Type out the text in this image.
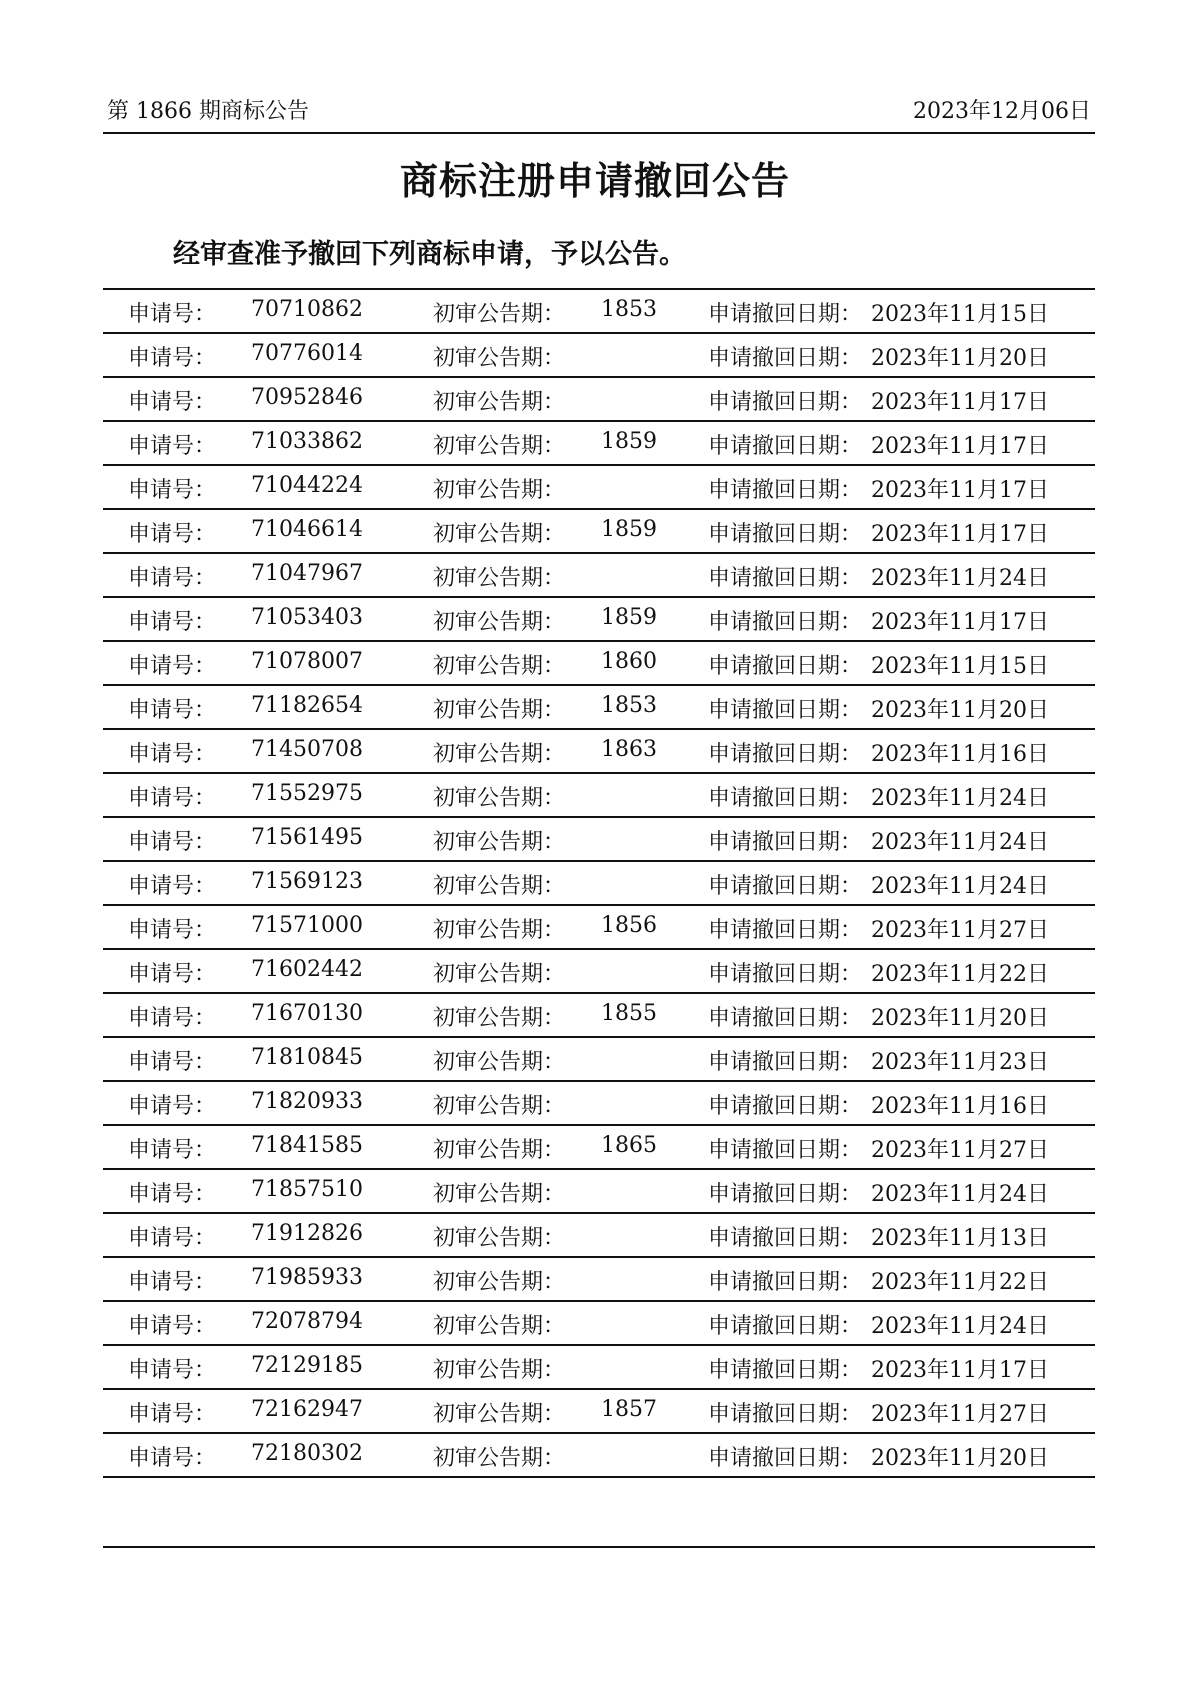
第 1866 期商标公告	2023年12月06日
商标注册申请撤回公告
经审查准予撤回下列商标申请，予以公告。
申请号： 70710862	初审公告期： 1853 申请撤回日期： 2023年11月15日
申请号： 70776014	初审公告期：	申请撤回日期： 2023年11月20日
申请号： 70952846	初审公告期：	申请撤回日期： 2023年11月17日
申请号： 71033862	初审公告期： 1859 申请撤回日期： 2023年11月17日
申请号： 71044224	初审公告期：	申请撤回日期： 2023年11月17日
申请号： 71046614	初审公告期： 1859 申请撤回日期： 2023年11月17日
申请号： 71047967	初审公告期：	申请撤回日期： 2023年11月24日
申请号： 71053403	初审公告期： 1859 申请撤回日期： 2023年11月17日
申请号： 71078007	初审公告期： 1860 申请撤回日期： 2023年11月15日
申请号： 71182654	初审公告期： 1853 申请撤回日期： 2023年11月20日
申请号： 71450708	初审公告期： 1863 申请撤回日期： 2023年11月16日
申请号： 71552975	初审公告期：	申请撤回日期： 2023年11月24日
申请号： 71561495	初审公告期：	申请撤回日期： 2023年11月24日
申请号： 71569123	初审公告期：	申请撤回日期： 2023年11月24日
申请号： 71571000	初审公告期： 1856 申请撤回日期： 2023年11月27日
申请号： 71602442	初审公告期：	申请撤回日期： 2023年11月22日
申请号： 71670130	初审公告期： 1855 申请撤回日期： 2023年11月20日
申请号： 71810845	初审公告期：	申请撤回日期： 2023年11月23日
申请号： 71820933	初审公告期：	申请撤回日期： 2023年11月16日
申请号： 71841585	初审公告期： 1865 申请撤回日期： 2023年11月27日
申请号： 71857510	初审公告期：	申请撤回日期： 2023年11月24日
申请号： 71912826	初审公告期：	申请撤回日期： 2023年11月13日
申请号： 71985933	初审公告期：	申请撤回日期： 2023年11月22日
申请号： 72078794	初审公告期：	申请撤回日期： 2023年11月24日
申请号： 72129185	初审公告期：	申请撤回日期： 2023年11月17日
申请号： 72162947	初审公告期： 1857 申请撤回日期： 2023年11月27日
申请号： 72180302	初审公告期：	申请撤回日期： 2023年11月20日
